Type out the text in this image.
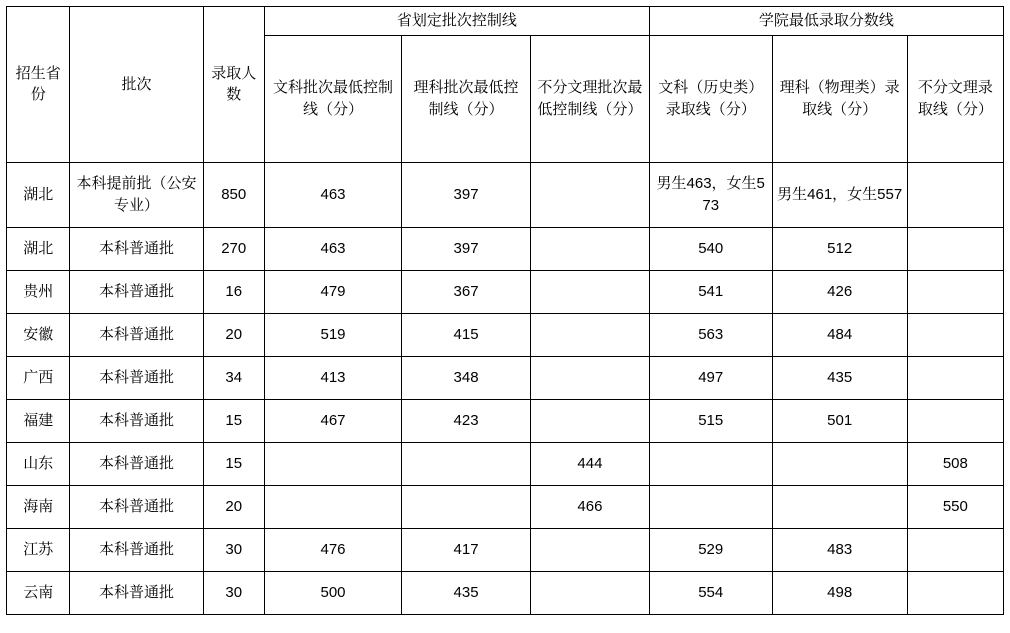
招生省份	批次	录取人数	省划定批次控制线			学院最低录取分数线		
			文科批次最低控制线（分）	理科批次最低控制线（分）	不分文理批次最低控制线（分）	文科（历史类）录取线（分）	理科（物理类）录取线（分）	不分文理录取线（分）
湖北	本科提前批（公安专业）	850	463	397		男生463，女生573	男生461，女生557	
湖北	本科普通批	270	463	397		540	512	
贵州	本科普通批	16	479	367		541	426	
安徽	本科普通批	20	519	415		563	484	
广西	本科普通批	34	413	348		497	435	
福建	本科普通批	15	467	423		515	501	
山东	本科普通批	15			444			508
海南	本科普通批	20			466			550
江苏	本科普通批	30	476	417		529	483	
云南	本科普通批	30	500	435		554	498	
